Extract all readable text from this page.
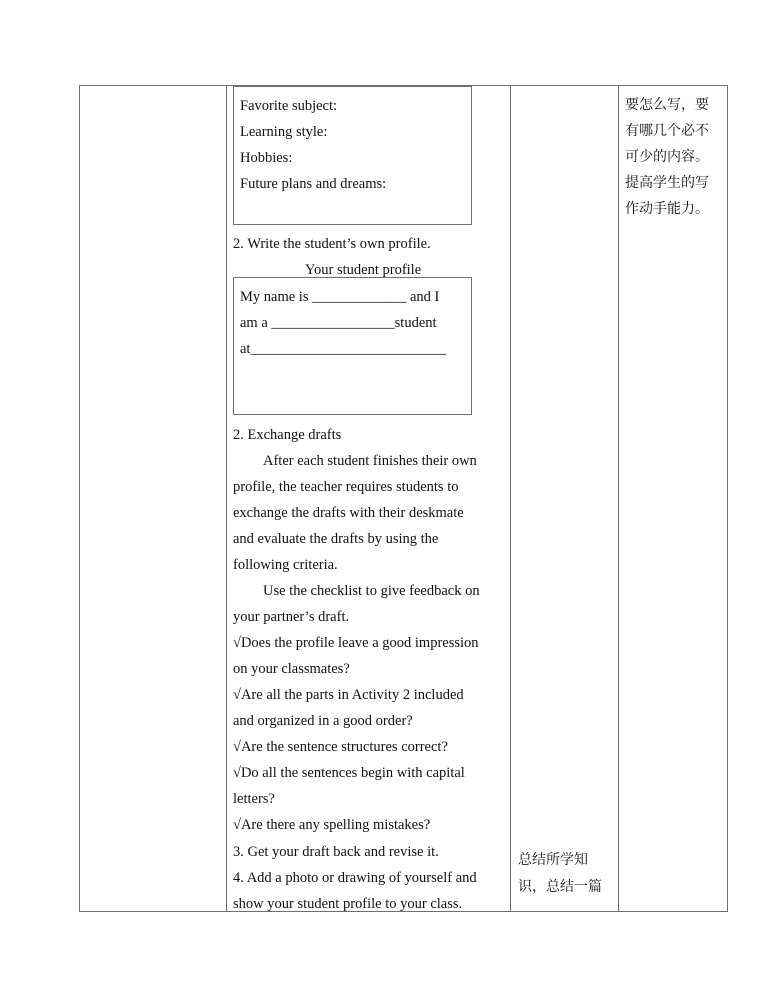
Favorite subject:
Learning style:
Hobbies:
Future plans and dreams:
2. Write the student’s own profile.
Your student profile
My name is _____________ and I
am a _________________student
at___________________________
2. Exchange drafts
After each student finishes their own
profile, the teacher requires students to
exchange the drafts with their deskmate
and evaluate the drafts by using the
following criteria.
Use the checklist to give feedback on
your partner’s draft.
√Does the profile leave a good impression
on your classmates?
√Are all the parts in Activity 2 included
and organized in a good order?
√Are the sentence structures correct?
√Do all the sentences begin with capital
letters?
√Are there any spelling mistakes?
3. Get your draft back and revise it.
4. Add a photo or drawing of yourself and
show your student profile to your class.
总结所学知
识，总结一篇
要怎么写，要
有哪几个必不
可少的内容。
提高学生的写
作动手能力。
